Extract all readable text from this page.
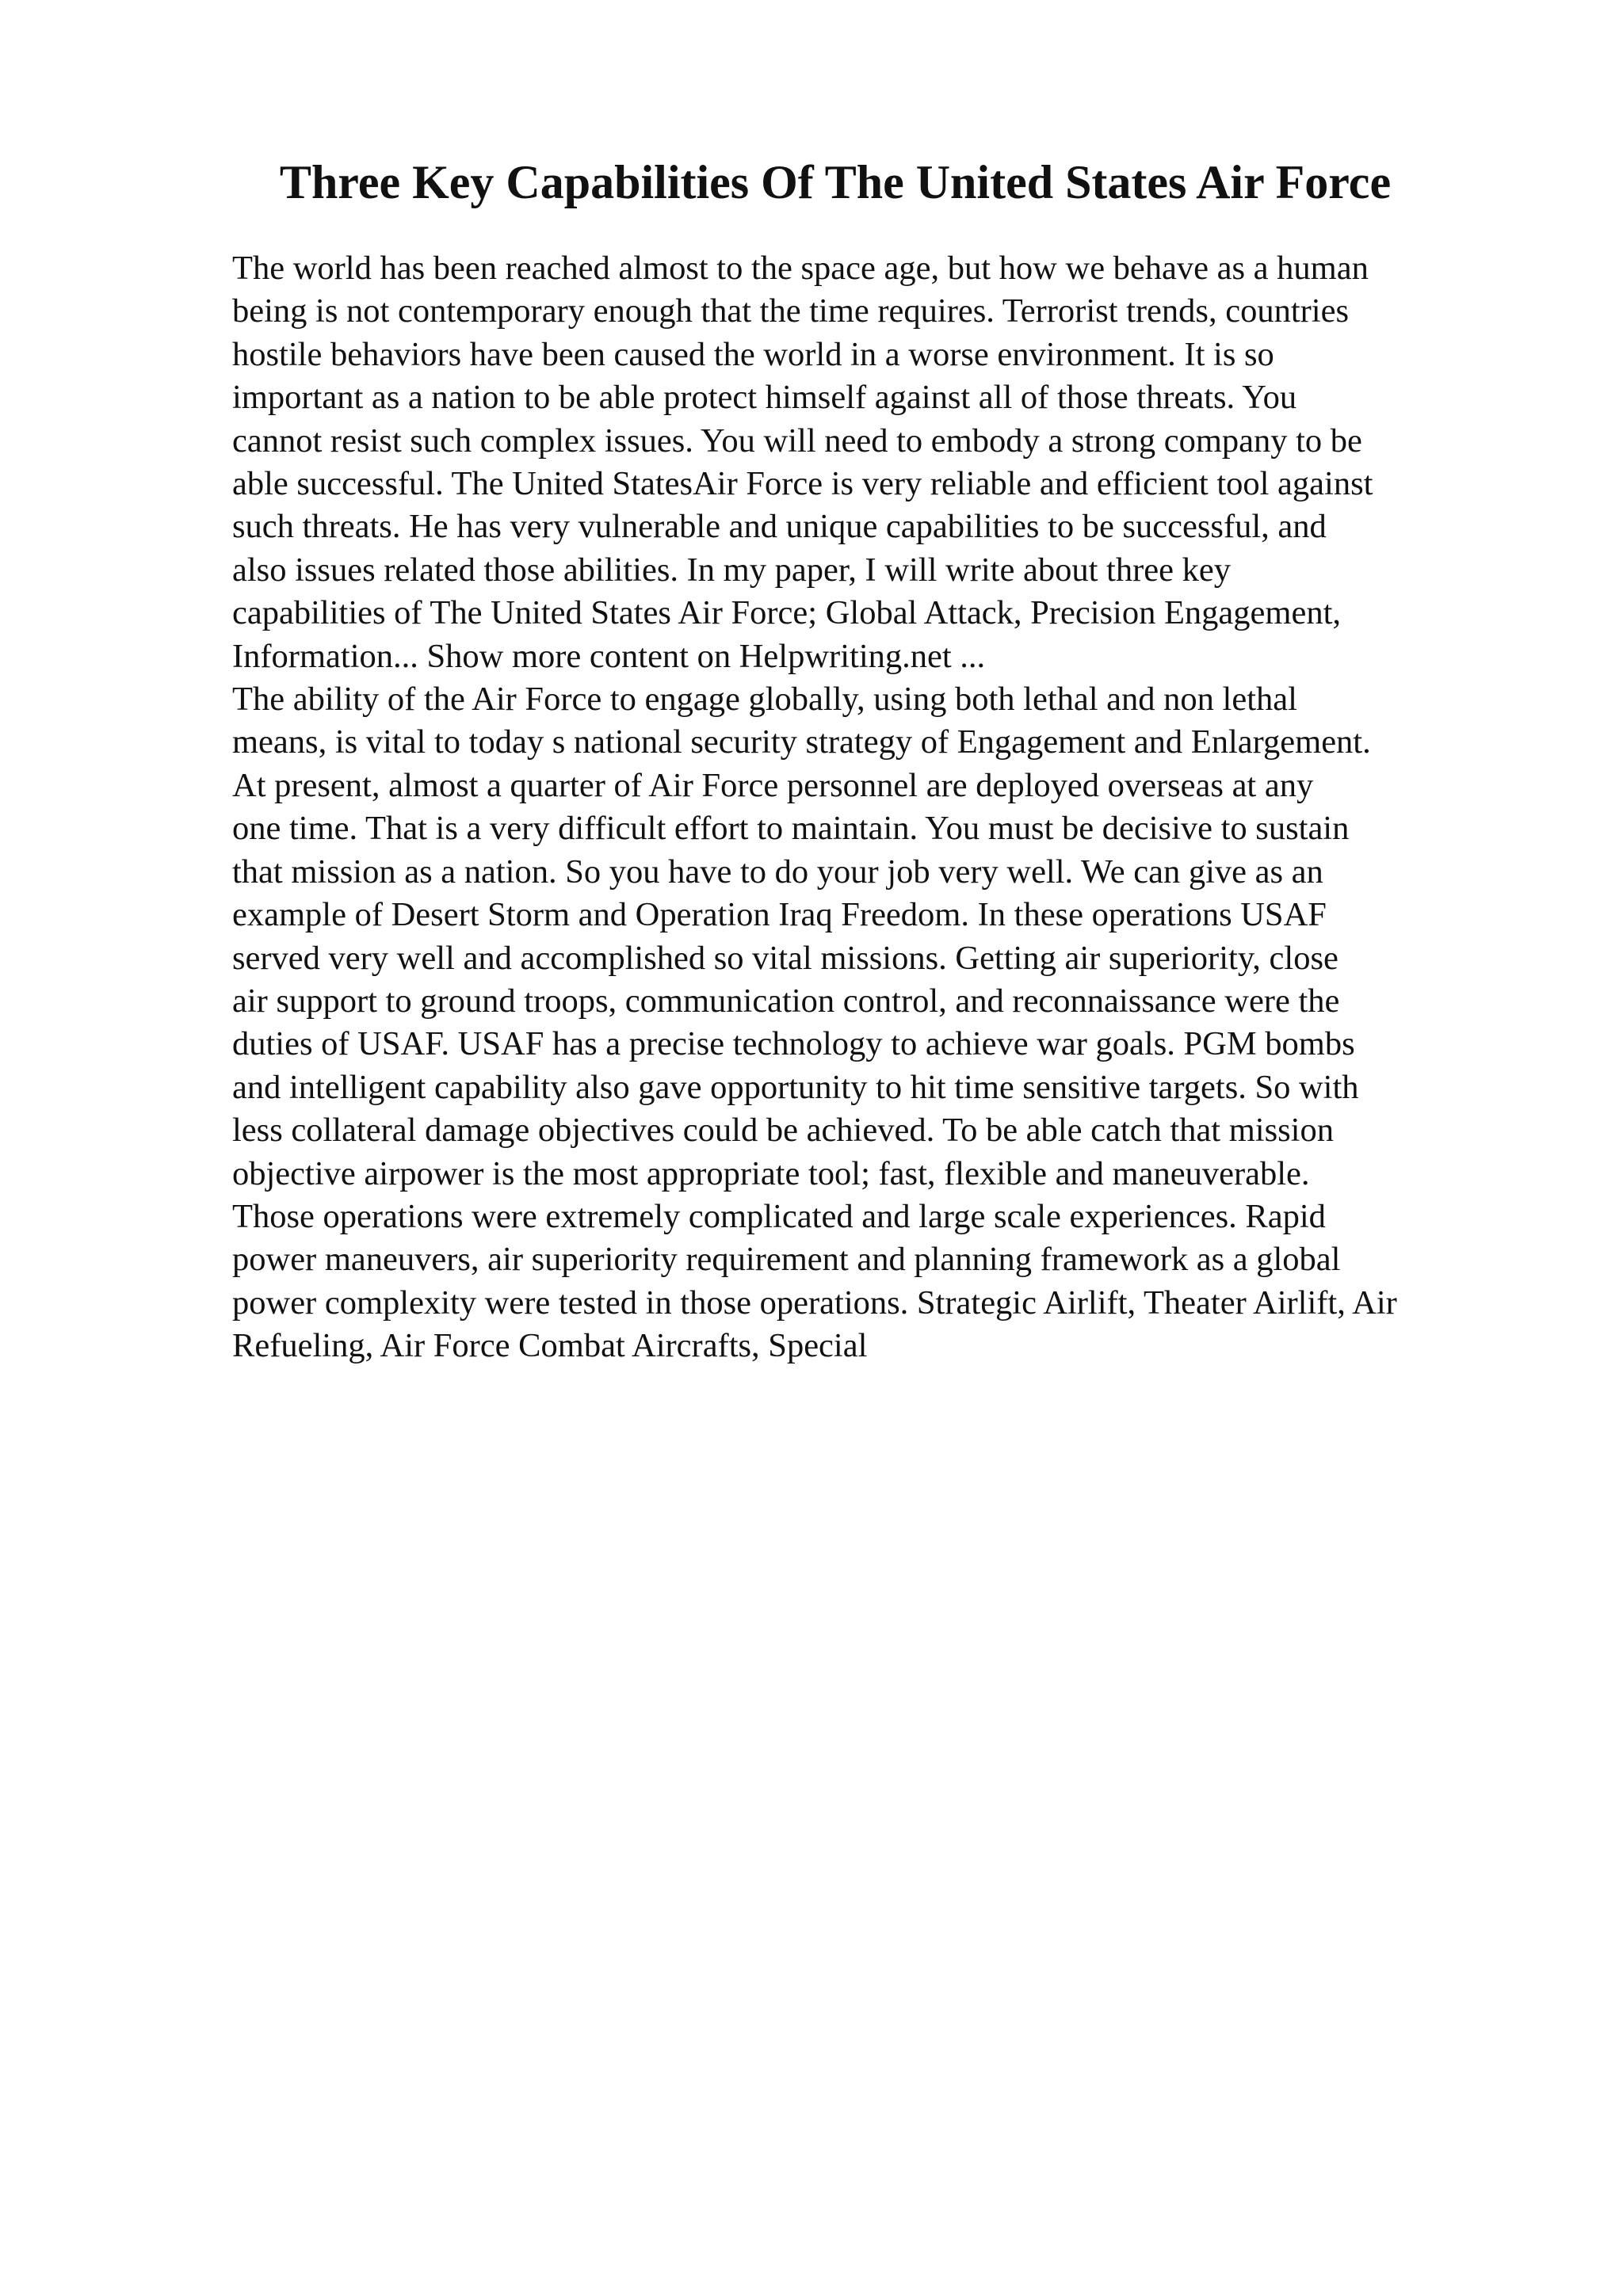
Three Key Capabilities Of The United States Air Force
The world has been reached almost to the space age, but how we behave as a human
being is not contemporary enough that the time requires. Terrorist trends, countries
hostile behaviors have been caused the world in a worse environment. It is so
important as a nation to be able protect himself against all of those threats. You
cannot resist such complex issues. You will need to embody a strong company to be
able successful. The United StatesAir Force is very reliable and efficient tool against
such threats. He has very vulnerable and unique capabilities to be successful, and
also issues related those abilities. In my paper, I will write about three key
capabilities of The United States Air Force; Global Attack, Precision Engagement,
Information... Show more content on Helpwriting.net ...
The ability of the Air Force to engage globally, using both lethal and non lethal
means, is vital to today s national security strategy of Engagement and Enlargement.
At present, almost a quarter of Air Force personnel are deployed overseas at any
one time. That is a very difficult effort to maintain. You must be decisive to sustain
that mission as a nation. So you have to do your job very well. We can give as an
example of Desert Storm and Operation Iraq Freedom. In these operations USAF
served very well and accomplished so vital missions. Getting air superiority, close
air support to ground troops, communication control, and reconnaissance were the
duties of USAF. USAF has a precise technology to achieve war goals. PGM bombs
and intelligent capability also gave opportunity to hit time sensitive targets. So with
less collateral damage objectives could be achieved. To be able catch that mission
objective airpower is the most appropriate tool; fast, flexible and maneuverable.
Those operations were extremely complicated and large scale experiences. Rapid
power maneuvers, air superiority requirement and planning framework as a global
power complexity were tested in those operations. Strategic Airlift, Theater Airlift, Air
Refueling, Air Force Combat Aircrafts, Special
